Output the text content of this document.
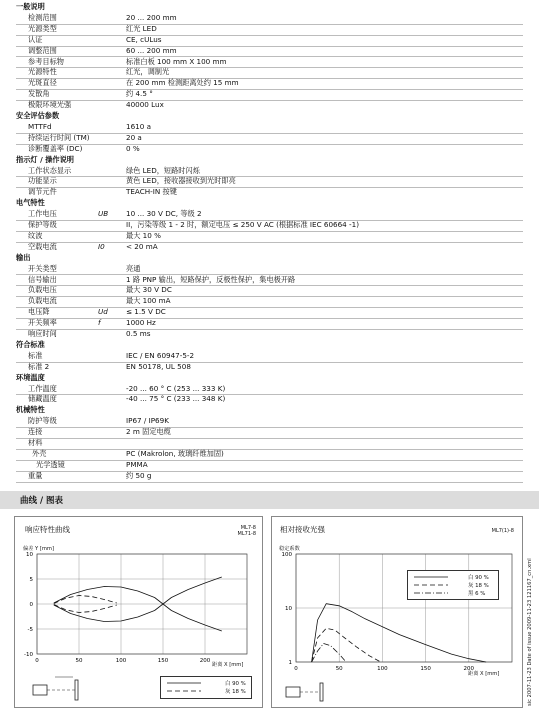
一般说明
检测范围	20 ... 200 mm
光源类型	红光 LED
认证	CE, cULus
调整范围	60 ... 200 mm
参考目标物	标准白板 100 mm X 100 mm
光源特性	红光，调制光
光斑直径	在 200 mm 检测距离处约 15 mm
发散角	约 4.5 °
极限环境光强	40000 Lux
安全评估参数
MTTFd	1610 a
持续运行时间 (TM)	20 a
诊断覆盖率 (DC)	0 %
指示灯 / 操作说明
工作状态显示	绿色 LED，短路时闪烁
功能显示	黄色 LED，接收器接收到光时即亮
调节元件	TEACH-IN 按键
电气特性
工作电压	UB 10 ... 30 V DC, 等级 2
保护等级	II，污染等级 1 - 2 时，额定电压 ≤ 250 V AC (根据标准 IEC 60664 -1)
纹波	最大 10 %
空载电流	I0	< 20 mA
输出
开关类型	亮通
信号输出	1 路 PNP 输出，短路保护，反极性保护，集电极开路
负载电压	最大 30 V DC
负载电流	最大 100 mA
电压降	Ud	≤ 1.5 V DC
开关频率	f	1000 Hz
响应时间	0.5 ms
符合标准
标准	IEC / EN 60947-5-2
标准 2	EN 50178, UL 508
环境温度
工作温度	-20 ... 60 ° C (253 ... 333 K)
储藏温度	-40 ... 75 ° C (233 ... 348 K)
机械特性
防护等级	IP67 / IP69K
连接	2 m 固定电缆
材料
外壳	PC (Makrolon, 玻璃纤维加固)
光学透镜	PMMA
重量	约 50 g
曲线 / 图表
响应特性曲线	ML7-8
ML71-8
偏差 Y [mm]
距离 X [mm]
0	50	100	150	200
10
5
0
-5
-10
白 90 %
灰 18 %
相对接收光强	ML7(1)-8
稳定系数
距离 X [mm]
0	50	100	150	200
100
10
1
白 90 %
灰 18 %
黑 6 %	sic 2007-11-23 Date of issue 2009-11-23 121167_cn.xml
